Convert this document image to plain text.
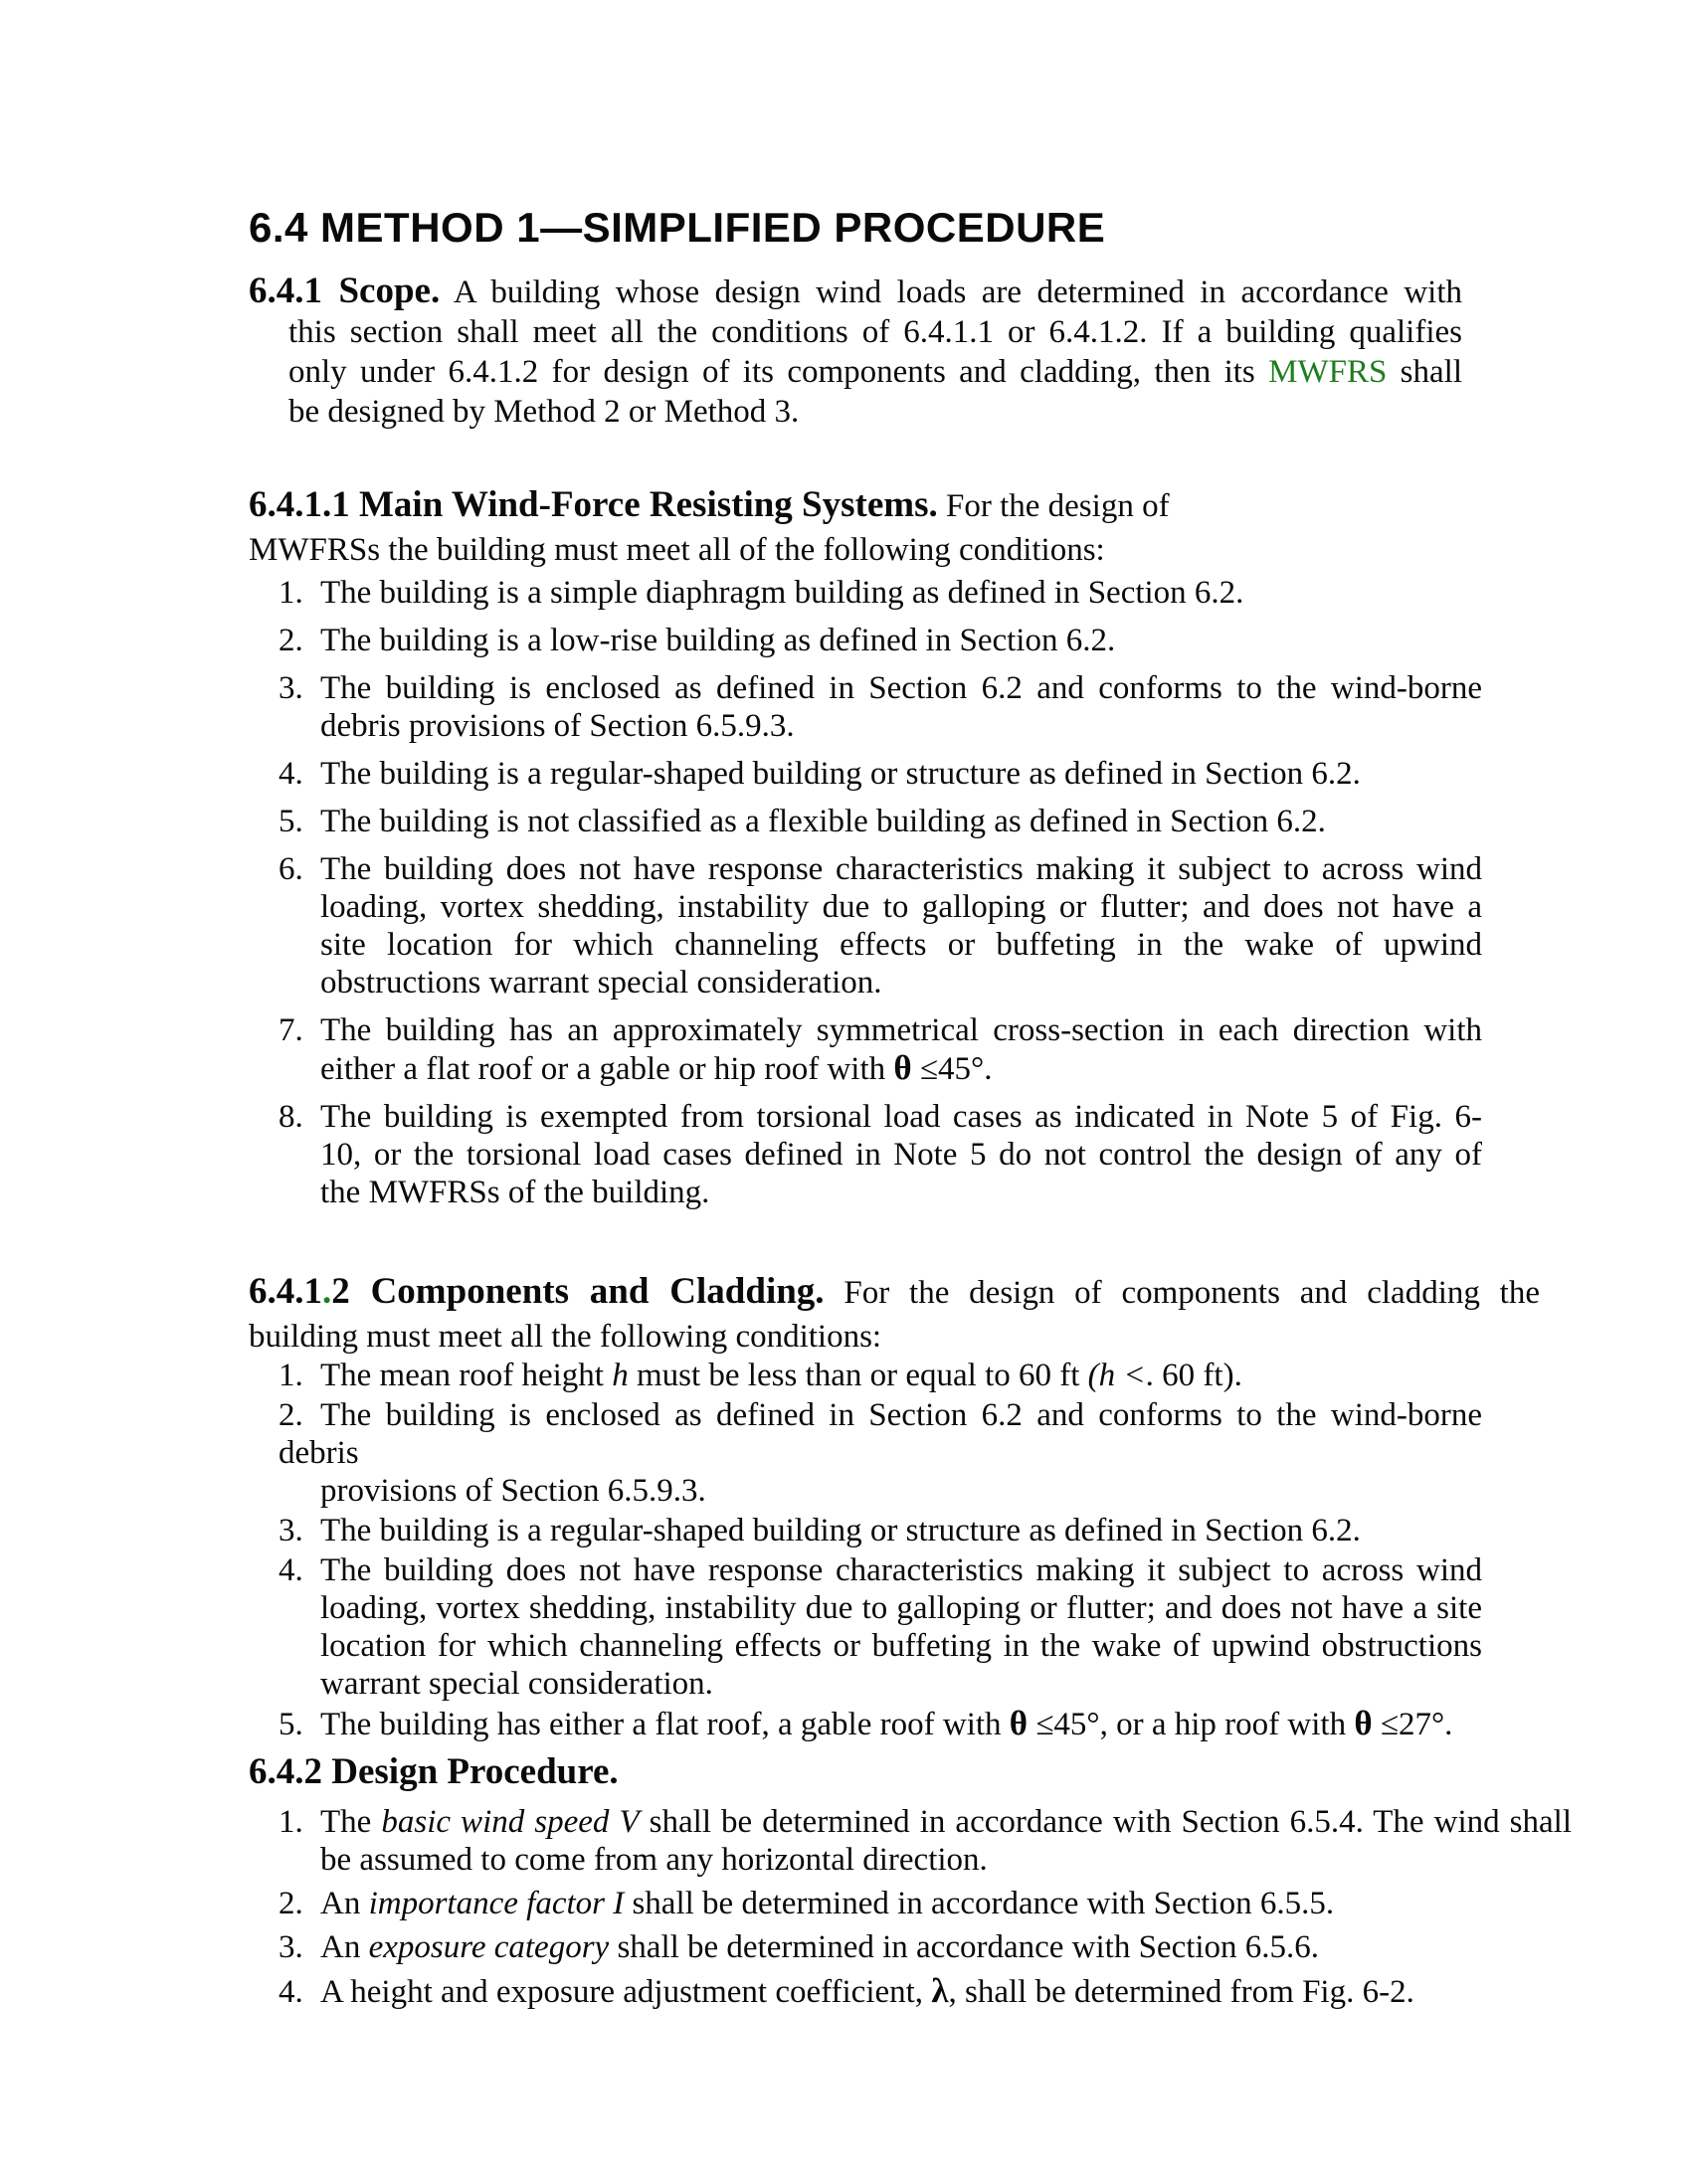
6.4 METHOD 1—SIMPLIFIED PROCEDURE
6.4.1 Scope. A building whose design wind loads are determined in accordance with
this section shall meet all the conditions of 6.4.1.1 or 6.4.1.2. If a building qualifies
only under 6.4.1.2 for design of its components and cladding, then its MWFRS shall
be designed by Method 2 or Method 3.
6.4.1.1 Main Wind-Force Resisting Systems. For the design of
MWFRSs the building must meet all of the following conditions:
1. The building is a simple diaphragm building as defined in Section 6.2.
2. The building is a low-rise building as defined in Section 6.2.
3. The building is enclosed as defined in Section 6.2 and conforms to the wind-borne
debris provisions of Section 6.5.9.3.
4. The building is a regular-shaped building or structure as defined in Section 6.2.
5. The building is not classified as a flexible building as defined in Section 6.2.
6. The building does not have response characteristics making it subject to across wind
loading, vortex shedding, instability due to galloping or flutter; and does not have a
site location for which channeling effects or buffeting in the wake of upwind
obstructions warrant special consideration.
7. The building has an approximately symmetrical cross-section in each direction with
either a flat roof or a gable or hip roof with θ ≤45°.
8. The building is exempted from torsional load cases as indicated in Note 5 of Fig. 6-
10, or the torsional load cases defined in Note 5 do not control the design of any of
the MWFRSs of the building.
6.4.1.2 Components and Cladding. For the design of components and cladding the
building must meet all the following conditions:
1. The mean roof height h must be less than or equal to 60 ft (h <. 60 ft).
2. The building is enclosed as defined in Section 6.2 and conforms to the wind-borne debris
provisions of Section 6.5.9.3.
3. The building is a regular-shaped building or structure as defined in Section 6.2.
4. The building does not have response characteristics making it subject to across wind
loading, vortex shedding, instability due to galloping or flutter; and does not have a site
location for which channeling effects or buffeting in the wake of upwind obstructions
warrant special consideration.
5. The building has either a flat roof, a gable roof with θ ≤45°, or a hip roof with θ ≤27°.
6.4.2 Design Procedure.
1. The basic wind speed V shall be determined in accordance with Section 6.5.4. The wind shall
be assumed to come from any horizontal direction.
2. An importance factor I shall be determined in accordance with Section 6.5.5.
3. An exposure category shall be determined in accordance with Section 6.5.6.
4. A height and exposure adjustment coefficient, λ, shall be determined from Fig. 6-2.
